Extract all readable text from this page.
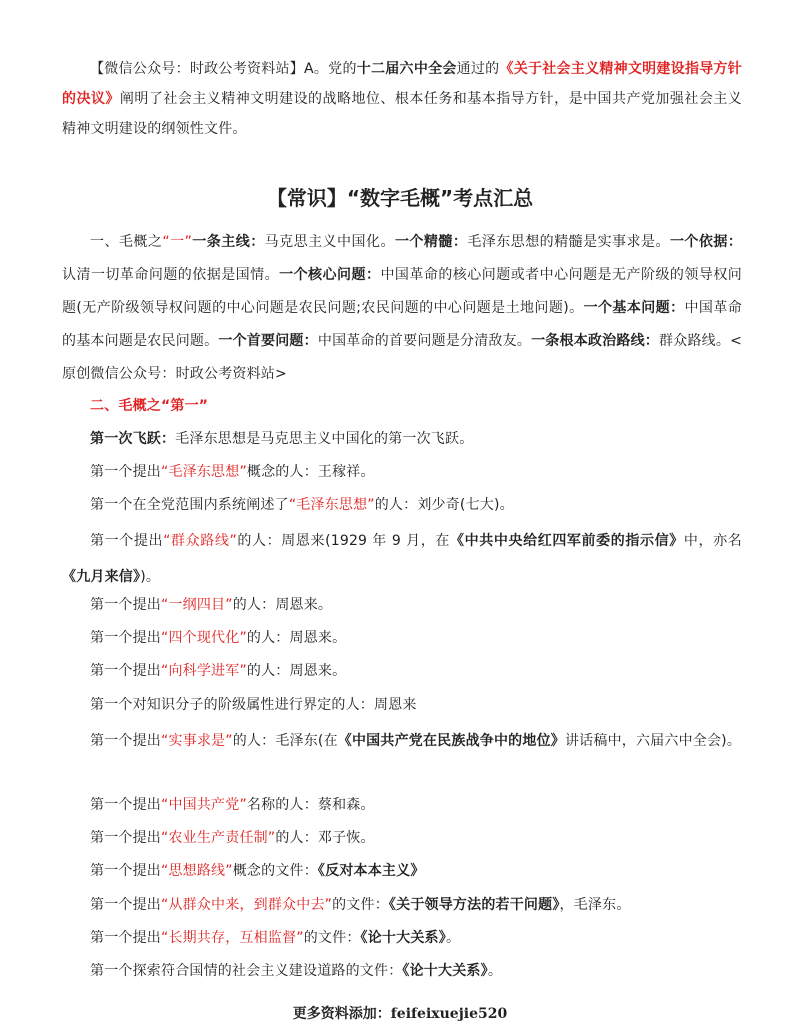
【微信公众号：时政公考资料站】A。党的十二届六中全会通过的《关于社会主义精神文明建设指导方针的决议》阐明了社会主义精神文明建设的战略地位、根本任务和基本指导方针，是中国共产党加强社会主义精神文明建设的纲领性文件。

【常识】“数字毛概”考点汇总

一、毛概之“一”一条主线：马克思主义中国化。一个精髓：毛泽东思想的精髓是实事求是。一个依据：认清一切革命问题的依据是国情。一个核心问题：中国革命的核心问题或者中心问题是无产阶级的领导权问题(无产阶级领导权问题的中心问题是农民问题;农民问题的中心问题是土地问题)。一个基本问题：中国革命的基本问题是农民问题。一个首要问题：中国革命的首要问题是分清敌友。一条根本政治路线：群众路线。<原创微信公众号：时政公考资料站>

二、毛概之“第一”
第一次飞跃：毛泽东思想是马克思主义中国化的第一次飞跃。
第一个提出“毛泽东思想”概念的人：王稼祥。
第一个在全党范围内系统阐述了“毛泽东思想”的人：刘少奇(七大)。

第一个提出“群众路线”的人：周恩来(1929 年 9 月，在《中共中央给红四军前委的指示信》中，亦名《九月来信》)。

第一个提出“一纲四目”的人：周恩来。
第一个提出“四个现代化”的人：周恩来。
第一个提出“向科学进军”的人：周恩来。
第一个对知识分子的阶级属性进行界定的人：周恩来

第一个提出“实事求是”的人：毛泽东(在《中国共产党在民族战争中的地位》讲话稿中，六届六中全会)。

第一个提出“中国共产党”名称的人：蔡和森。
第一个提出“农业生产责任制”的人：邓子恢。
第一个提出“思想路线”概念的文件：《反对本本主义》
第一个提出“从群众中来，到群众中去”的文件：《关于领导方法的若干问题》，毛泽东。
第一个提出“长期共存，互相监督”的文件：《论十大关系》。
第一个探索符合国情的社会主义建设道路的文件：《论十大关系》。
更多资料添加：feifeixuejie520
